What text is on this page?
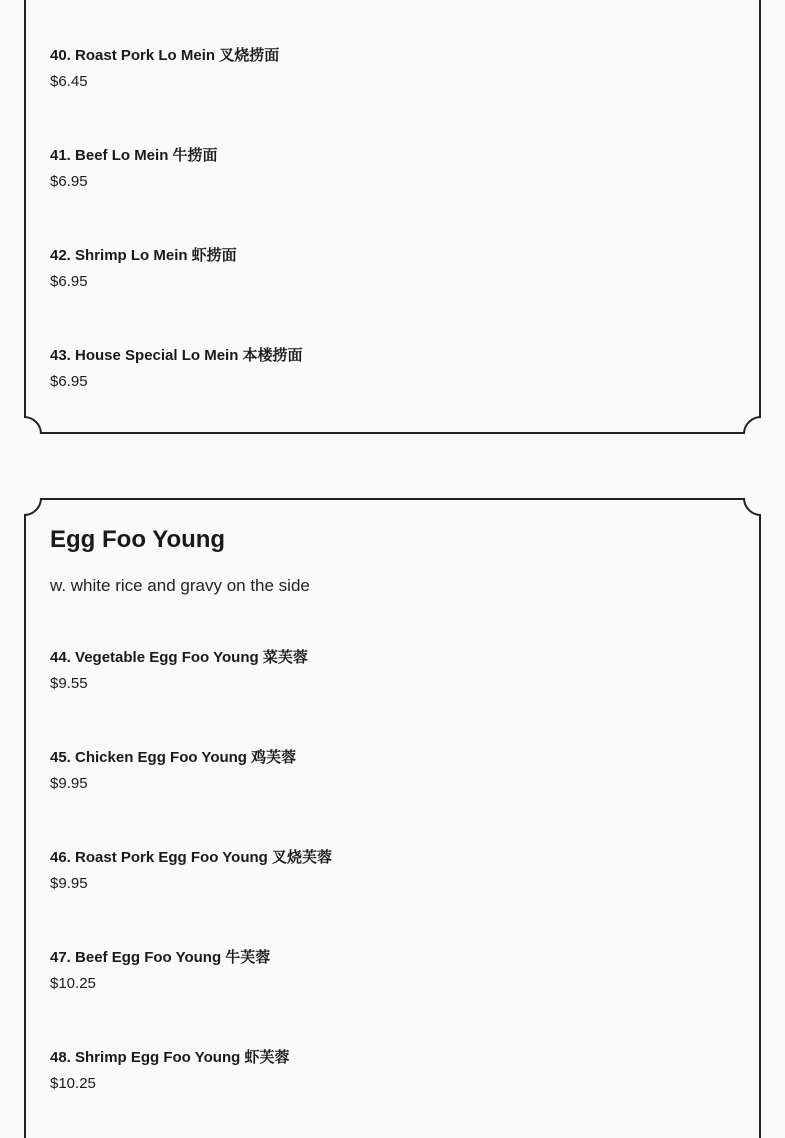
40. Roast Pork Lo Mein 叉烧捞面
$6.45
41. Beef Lo Mein 牛捞面
$6.95
42. Shrimp Lo Mein 虾捞面
$6.95
43. House Special Lo Mein 本楼捞面
$6.95
Egg Foo Young

w. white rice and gravy on the side

44. Vegetable Egg Foo Young 菜芙蓉
$9.55
45. Chicken Egg Foo Young 鸡芙蓉
$9.95
46. Roast Pork Egg Foo Young 叉烧芙蓉
$9.95
47. Beef Egg Foo Young 牛芙蓉
$10.25
48. Shrimp Egg Foo Young 虾芙蓉
$10.25
